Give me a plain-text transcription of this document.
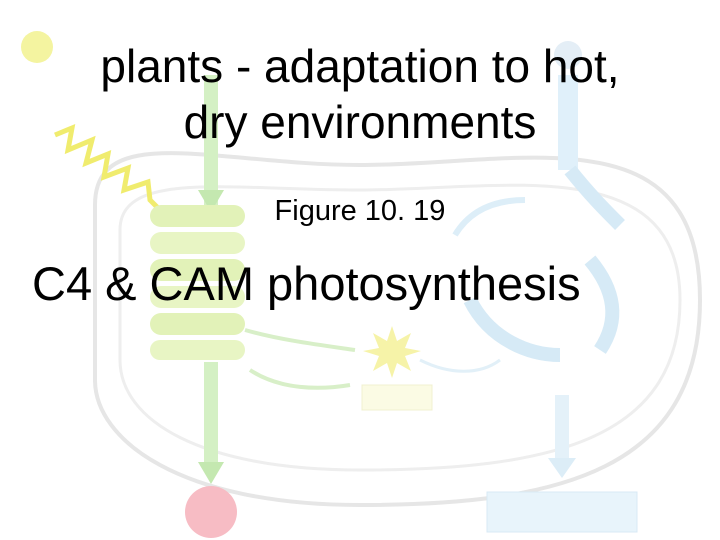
plants - adaptation to hot,
dry environments
Figure 10. 19
C4 & CAM photosynthesis
